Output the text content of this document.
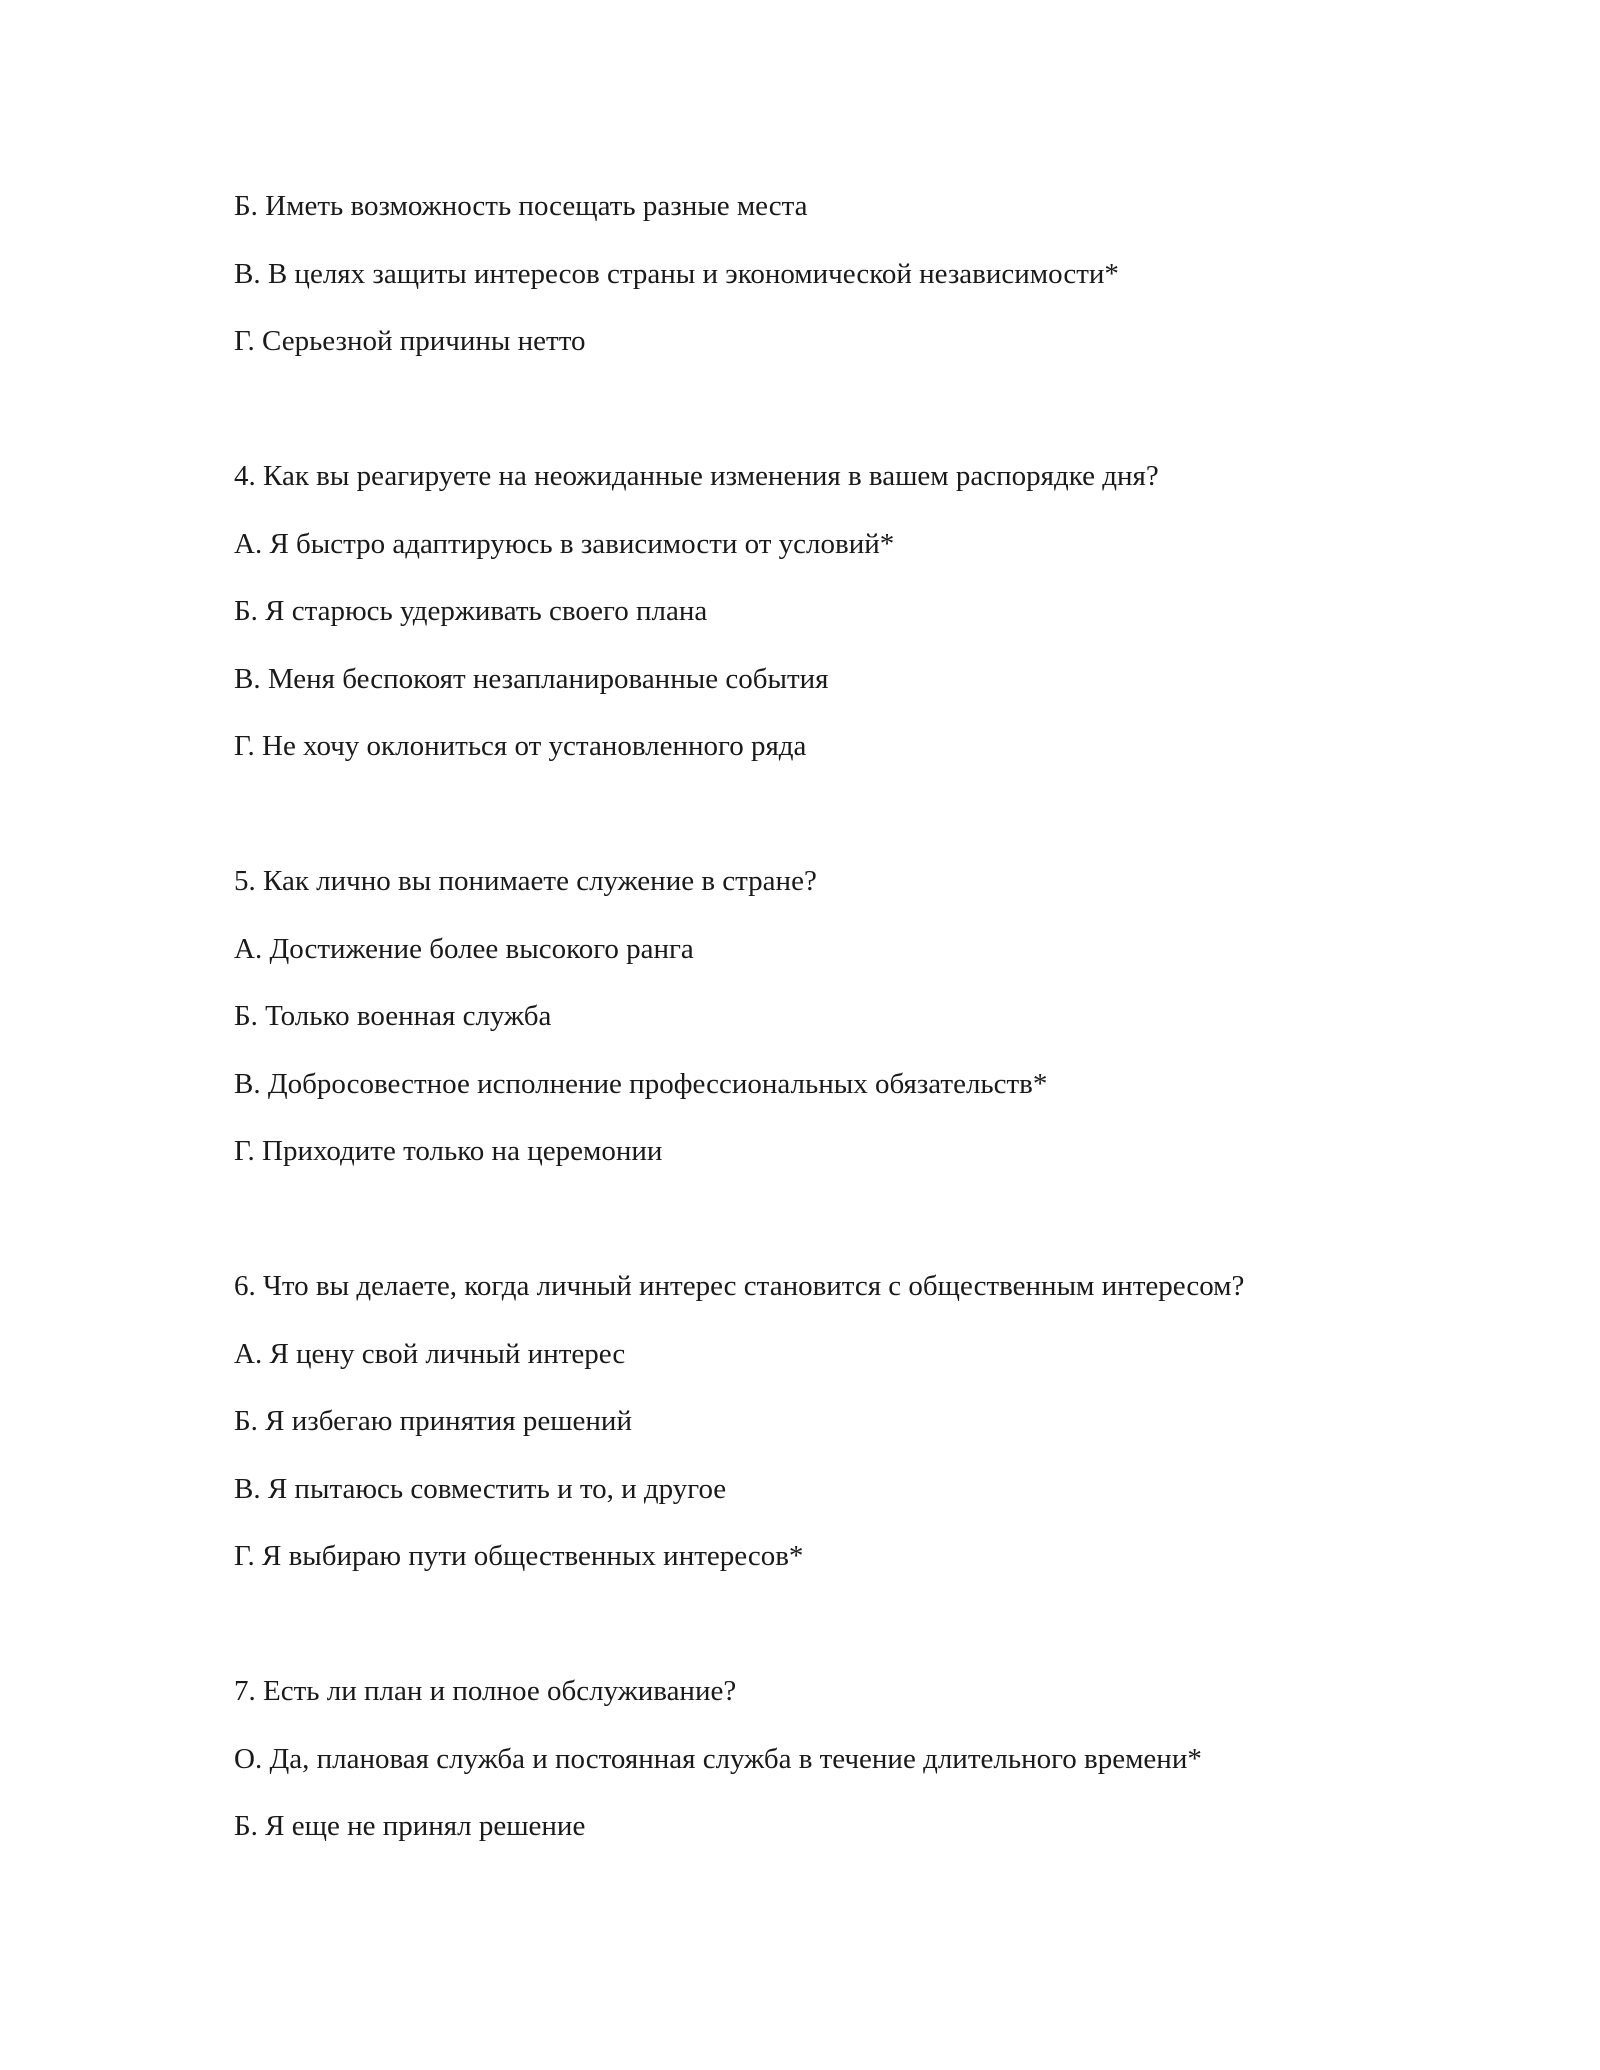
Б. Иметь возможность посещать разные места
В. В целях защиты интересов страны и экономической независимости*
Г. Серьезной причины нетто
4. Как вы реагируете на неожиданные изменения в вашем распорядке дня?
А. Я быстро адаптируюсь в зависимости от условий*
Б. Я старюсь удерживать своего плана
В. Меня беспокоят незапланированные события
Г. Не хочу оклониться от установленного ряда
5. Как лично вы понимаете служение в стране?
А. Достижение более высокого ранга
Б. Только военная служба
В. Добросовестное исполнение профессиональных обязательств*
Г. Приходите только на церемонии
6. Что вы делаете, когда личный интерес становится с общественным интересом?
А. Я цену свой личный интерес
Б. Я избегаю принятия решений
В. Я пытаюсь совместить и то, и другое
Г. Я выбираю пути общественных интересов*
7. Есть ли план и полное обслуживание?
О. Да, плановая служба и постоянная служба в течение длительного времени*
Б. Я еще не принял решение
